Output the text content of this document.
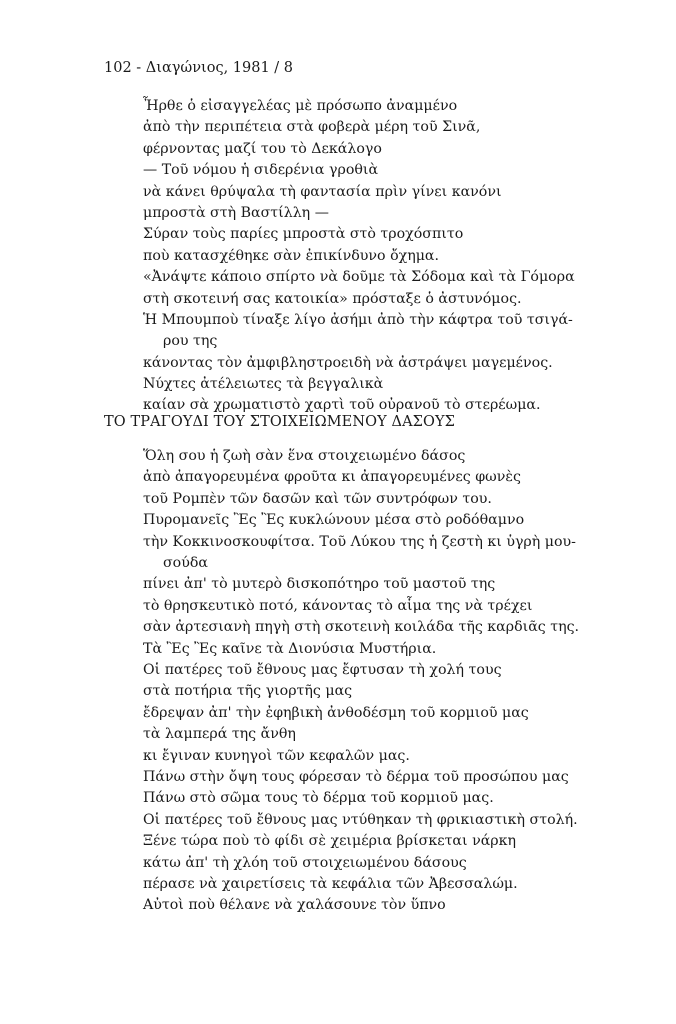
102 - Διαγώνιος, 1981 / 8
Ἦρθε ὁ εἰσαγγελέας μὲ πρόσωπο ἀναμμένο
ἀπὸ τὴν περιπέτεια στὰ φοβερὰ μέρη τοῦ Σινᾶ,
φέρνοντας μαζί του τὸ Δεκάλογο
— Τοῦ νόμου ἡ σιδερένια γροθιὰ
νὰ κάνει θρύψαλα τὴ φαντασία πρὶν γίνει κανόνι
μπροστὰ στὴ Βαστίλλη —
Σύραν τοὺς παρίες μπροστὰ στὸ τροχόσπιτο
ποὺ κατασχέθηκε σὰν ἐπικίνδυνο ὄχημα.
«Ἀνάψτε κάποιο σπίρτο νὰ δοῦμε τὰ Σόδομα καὶ τὰ Γόμορα
στὴ σκοτεινή σας κατοικία» πρόσταξε ὁ ἀστυνόμος.
Ἡ Μπουμποὺ τίναξε λίγο ἀσήμι ἀπὸ τὴν κάφτρα τοῦ τσιγά-
ρου της
κάνοντας τὸν ἀμφιβληστροειδὴ νὰ ἀστράψει μαγεμένος.
Νύχτες ἀτέλειωτες τὰ βεγγαλικὰ
καίαν σὰ χρωματιστὸ χαρτὶ τοῦ οὐρανοῦ τὸ στερέωμα.
ΤΟ ΤΡΑΓΟΥΔΙ ΤΟΥ ΣΤΟΙΧΕΙΩΜΕΝΟΥ ΔΑΣΟΥΣ
Ὅλη σου ἡ ζωὴ σὰν ἕνα στοιχειωμένο δάσος
ἀπὸ ἀπαγορευμένα φροῦτα κι ἀπαγορευμένες φωνὲς
τοῦ Ρομπὲν τῶν δασῶν καὶ τῶν συντρόφων του.
Πυρομανεῖς Ἒς Ἒς κυκλώνουν μέσα στὸ ροδόθαμνο
τὴν Κοκκινοσκουφίτσα. Τοῦ Λύκου της ἡ ζεστὴ κι ὑγρὴ μου-
σούδα
πίνει ἀπ' τὸ μυτερὸ δισκοπότηρο τοῦ μαστοῦ της
τὸ θρησκευτικὸ ποτό, κάνοντας τὸ αἷμα της νὰ τρέχει
σὰν ἀρτεσιανὴ πηγὴ στὴ σκοτεινὴ κοιλάδα τῆς καρδιᾶς της.
Τὰ Ἒς Ἒς καῖνε τὰ Διονύσια Μυστήρια.
Οἱ πατέρες τοῦ ἔθνους μας ἔφτυσαν τὴ χολή τους
στὰ ποτήρια τῆς γιορτῆς μας
ἔδρεψαν ἀπ' τὴν ἐφηβικὴ ἀνθοδέσμη τοῦ κορμιοῦ μας
τὰ λαμπερά της ἄνθη
κι ἔγιναν κυνηγοὶ τῶν κεφαλῶν μας.
Πάνω στὴν ὄψη τους φόρεσαν τὸ δέρμα τοῦ προσώπου μας
Πάνω στὸ σῶμα τους τὸ δέρμα τοῦ κορμιοῦ μας.
Οἱ πατέρες τοῦ ἔθνους μας ντύθηκαν τὴ φρικιαστικὴ στολή.
Ξένε τώρα ποὺ τὸ φίδι σὲ χειμέρια βρίσκεται νάρκη
κάτω ἀπ' τὴ χλόη τοῦ στοιχειωμένου δάσους
πέρασε νὰ χαιρετίσεις τὰ κεφάλια τῶν Ἀβεσσαλώμ.
Αὐτοὶ ποὺ θέλανε νὰ χαλάσουνε τὸν ὕπνο
